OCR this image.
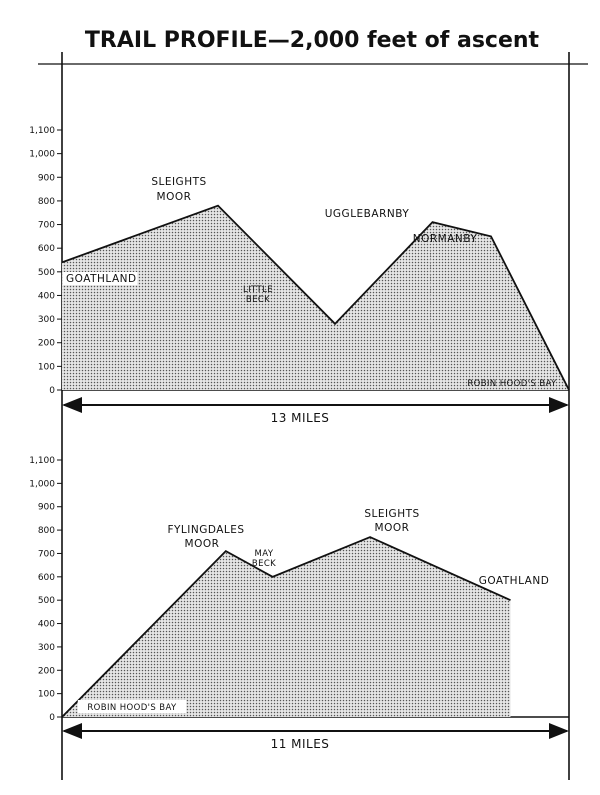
TRAIL PROFILE—2,000 feet of ascent
0
100
200
300
400
500
600
700
800
900
1,000
1,100
GOATHLAND
SLEIGHTS
MOOR
LITTLE
BECK
UGGLEBARNBY
NORMANBY
ROBIN HOOD'S BAY
13 MILES
0
100
200
300
400
500
600
700
800
900
1,000
1,100
ROBIN HOOD'S BAY
FYLINGDALES
MOOR
MAY
BECK
SLEIGHTS
MOOR
GOATHLAND
11 MILES
